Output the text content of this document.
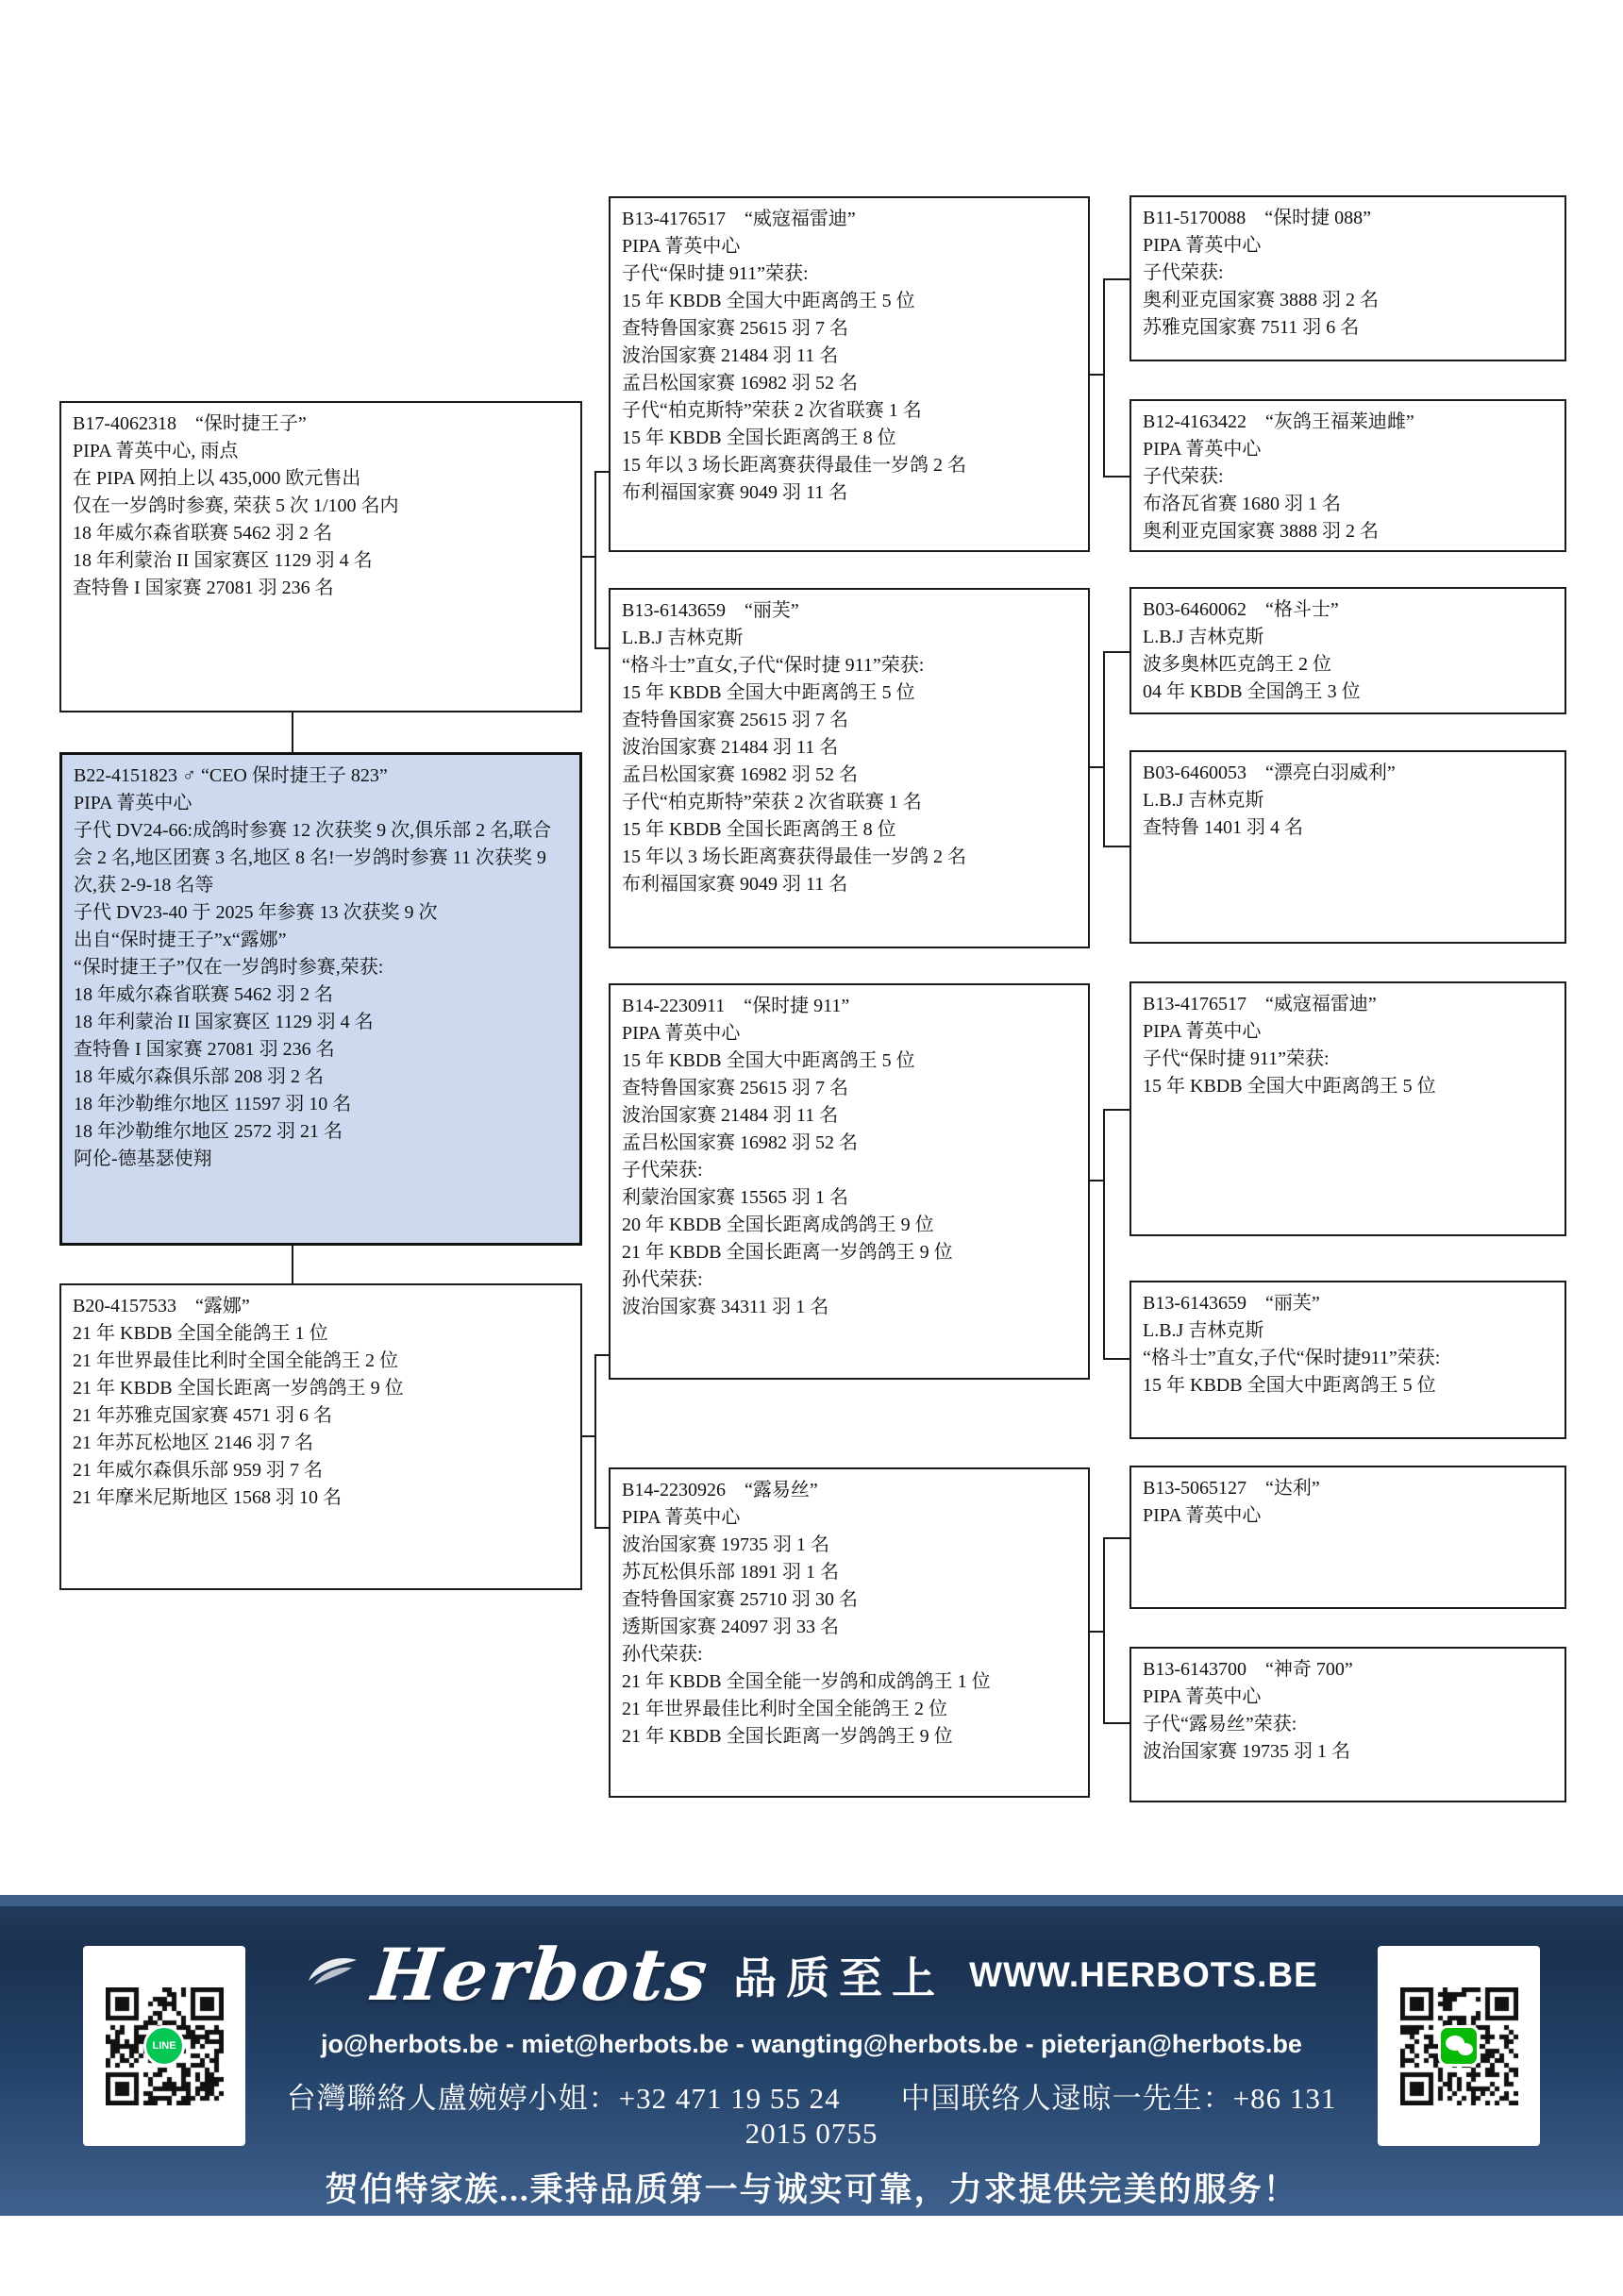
B17-4062318　“保时捷王子”
PIPA 菁英中心, 雨点
在 PIPA 网拍上以 435,000 欧元售出
仅在一岁鸽时参赛, 荣获 5 次 1/100 名内
18 年威尔森省联赛 5462 羽 2 名
18 年利蒙治 II 国家赛区 1129 羽 4 名
查特鲁 I 国家赛 27081 羽 236 名
B22-4151823 ♂ “CEO 保时捷王子 823”
PIPA 菁英中心
子代 DV24-66:成鸽时参赛 12 次获奖 9 次,俱乐部 2 名,联合会 2 名,地区团赛 3 名,地区 8 名!一岁鸽时参赛 11 次获奖 9 次,获 2-9-18 名等
子代 DV23-40 于 2025 年参赛 13 次获奖 9 次
出自“保时捷王子”x“露娜”
“保时捷王子”仅在一岁鸽时参赛,荣获:
18 年威尔森省联赛 5462 羽 2 名
18 年利蒙治 II 国家赛区 1129 羽 4 名
查特鲁 I 国家赛 27081 羽 236 名
18 年威尔森俱乐部 208 羽 2 名
18 年沙勒维尔地区 11597 羽 10 名
18 年沙勒维尔地区 2572 羽 21 名
阿伦-德基瑟使翔
B20-4157533　“露娜”
21 年 KBDB 全国全能鸽王 1 位
21 年世界最佳比利时全国全能鸽王 2 位
21 年 KBDB 全国长距离一岁鸽鸽王 9 位
21 年苏雅克国家赛 4571 羽 6 名
21 年苏瓦松地区 2146 羽 7 名
21 年威尔森俱乐部 959 羽 7 名
21 年摩米尼斯地区 1568 羽 10 名
B13-4176517　“威寇福雷迪”
PIPA 菁英中心
子代“保时捷 911”荣获:
15 年 KBDB 全国大中距离鸽王 5 位
查特鲁国家赛 25615 羽 7 名
波治国家赛 21484 羽 11 名
孟吕松国家赛 16982 羽 52 名
子代“柏克斯特”荣获 2 次省联赛 1 名
15 年 KBDB 全国长距离鸽王 8 位
15 年以 3 场长距离赛获得最佳一岁鸽 2 名
布利福国家赛 9049 羽 11 名
B13-6143659　“丽芙”
L.B.J 吉林克斯
“格斗士”直女,子代“保时捷 911”荣获:
15 年 KBDB 全国大中距离鸽王 5 位
查特鲁国家赛 25615 羽 7 名
波治国家赛 21484 羽 11 名
孟吕松国家赛 16982 羽 52 名
子代“柏克斯特”荣获 2 次省联赛 1 名
15 年 KBDB 全国长距离鸽王 8 位
15 年以 3 场长距离赛获得最佳一岁鸽 2 名
布利福国家赛 9049 羽 11 名
B14-2230911　“保时捷 911”
PIPA 菁英中心
15 年 KBDB 全国大中距离鸽王 5 位
查特鲁国家赛 25615 羽 7 名
波治国家赛 21484 羽 11 名
孟吕松国家赛 16982 羽 52 名
子代荣获:
利蒙治国家赛 15565 羽 1 名
20 年 KBDB 全国长距离成鸽鸽王 9 位
21 年 KBDB 全国长距离一岁鸽鸽王 9 位
孙代荣获:
波治国家赛 34311 羽 1 名
B14-2230926　“露易丝”
PIPA 菁英中心
波治国家赛 19735 羽 1 名
苏瓦松俱乐部 1891 羽 1 名
查特鲁国家赛 25710 羽 30 名
透斯国家赛 24097 羽 33 名
孙代荣获:
21 年 KBDB 全国全能一岁鸽和成鸽鸽王 1 位
21 年世界最佳比利时全国全能鸽王 2 位
21 年 KBDB 全国长距离一岁鸽鸽王 9 位
B11-5170088　“保时捷 088”
PIPA 菁英中心
子代荣获:
奥利亚克国家赛 3888 羽 2 名
苏雅克国家赛 7511 羽 6 名
B12-4163422　“灰鸽王福莱迪雌”
PIPA 菁英中心
子代荣获:
布洛瓦省赛 1680 羽 1 名
奥利亚克国家赛 3888 羽 2 名
B03-6460062　“格斗士”
L.B.J 吉林克斯
波多奥林匹克鸽王 2 位
04 年 KBDB 全国鸽王 3 位
B03-6460053　“漂亮白羽威利”
L.B.J 吉林克斯
查特鲁 1401 羽 4 名
B13-4176517　“威寇福雷迪”
PIPA 菁英中心
子代“保时捷 911”荣获:
15 年 KBDB 全国大中距离鸽王 5 位
B13-6143659　“丽芙”
L.B.J 吉林克斯
“格斗士”直女,子代“保时捷911”荣获:
15 年 KBDB 全国大中距离鸽王 5 位
B13-5065127　“达利”
PIPA 菁英中心
B13-6143700　“神奇 700”
PIPA 菁英中心
子代“露易丝”荣获:
波治国家赛 19735 羽 1 名
LINE
Herbots 品质至上 WWW.HERBOTS.BE
jo@herbots.be - miet@herbots.be - wangting@herbots.be - pieterjan@herbots.be
台灣聯絡人盧婉婷小姐：+32 471 19 55 24　　中国联络人逯晾一先生：+86 131 2015 0755
贺伯特家族...秉持品质第一与诚实可靠，力求提供完美的服务！
